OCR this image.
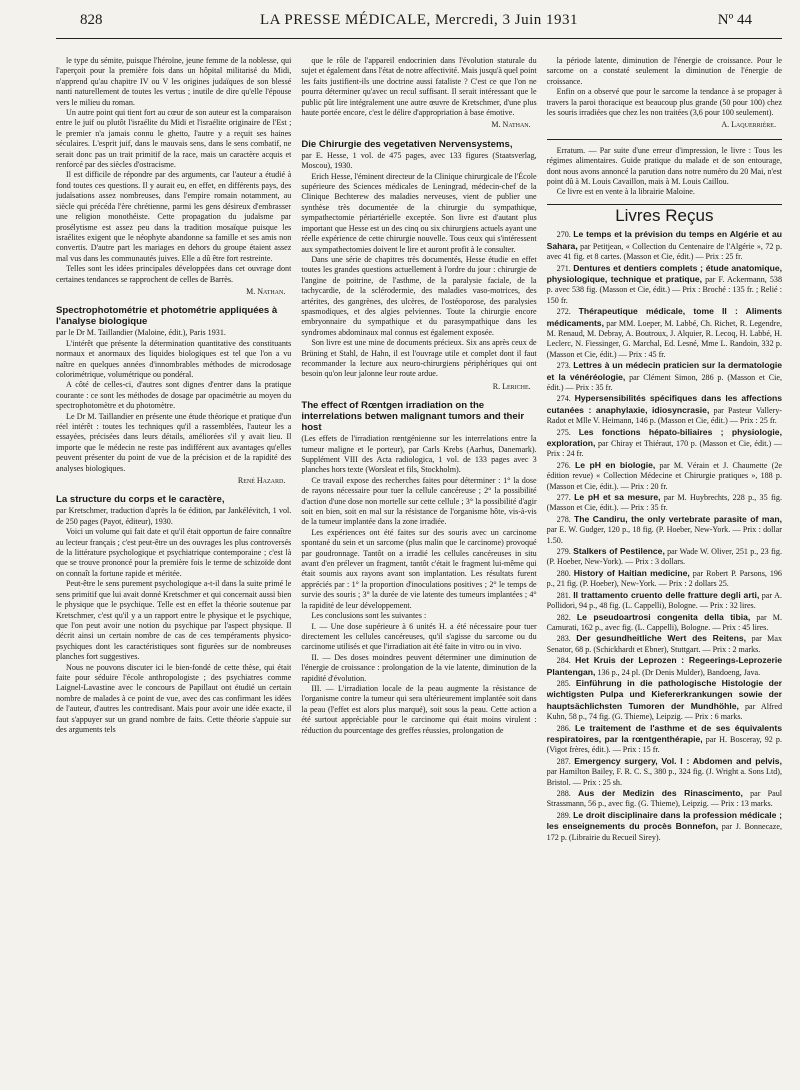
828	LA PRESSE MÉDICALE, Mercredi, 3 Juin 1931	Nº 44

le type du sémite, puisque l'héroïne, jeune femme de la noblesse, qui l'aperçoit pour la première fois dans un hôpital militarisé du Midi, n'apprend qu'au chapitre IV ou V les origines judaïques de son blessé nanti naturellement de toutes les vertus ; inutile de dire qu'elle l'épouse vers le milieu du roman.

Un autre point qui tient fort au cœur de son auteur est la comparaison entre le juif ou plutôt l'israélite du Midi et l'israélite originaire de l'Est ; le premier n'a jamais connu le ghetto, l'autre y a reçuit ses haines séculaires. L'esprit juif, dans le mauvais sens, dans le sens combatif, ne serait donc pas un trait primitif de la race, mais un caractère acquis et renforcé par des siècles d'ostracisme.

Il est difficile de répondre par des arguments, car l'auteur a étudié à fond toutes ces questions. Il y aurait eu, en effet, en différents pays, des judaïsations assez nombreuses, dans l'empire romain notamment, au siècle qui précéda l'ère chrétienne, parmi les gens désireux d'embrasser une religion monothéiste. Cette propagation du judaïsme par prosélytisme est assez peu dans la tradition mosaïque puisque les israélites exigent que le néophyte abandonne sa famille et ses amis non convertis. D'autre part les mariages en dehors du groupe étaient assez mal vus dans les communautés juives. Elle a dû être fort restreinte.

Telles sont les idées principales développées dans cet ouvrage dont certaines tendances se rapprochent de celles de Barrès.

M. Nathan.
Spectrophotométrie et photométrie appliquées à l'analyse biologique

par le Dr M. Taillandier (Maloine, édit.), Paris 1931.

L'intérêt que présente la détermination quantitative des constituants normaux et anormaux des liquides biologiques est tel que l'on a vu naître en quelques années d'innombrables méthodes de microdosage colorimétrique, volumétrique ou pondéral.

A côté de celles-ci, d'autres sont dignes d'entrer dans la pratique courante : ce sont les méthodes de dosage par opacimétrie au moyen du spectrophotomètre et du photomètre.

Le Dr M. Taillandier en présente une étude théorique et pratique d'un réel intérêt : toutes les techniques qu'il a rassemblées, l'auteur les a essayées, précisées dans leurs détails, améliorées s'il y avait lieu. Il importe que le médecin ne reste pas indifférent aux avantages qu'elles peuvent présenter du point de vue de la précision et de la rapidité des analyses biologiques.

René Hazard.
La structure du corps et le caractère,

par Kretschmer, traduction d'après la 6e édition, par Jankélévitch, 1 vol. de 250 pages (Payot, éditeur), 1930.

Voici un volume qui fait date et qu'il était opportun de faire connaître au lecteur français ; c'est peut-être un des ouvrages les plus controversés de la littérature psychologique et psychiatrique contemporaine ; c'est là que se trouve prononcé pour la première fois le terme de schizoïde dont on connaît la fortune rapide et méritée.

Peut-être le sens purement psychologique a-t-il dans la suite primé le sens primitif que lui avait donné Kretschmer et qui concernait aussi bien le physique que le psychique. Telle est en effet la théorie soutenue par Kretschmer, c'est qu'il y a un rapport entre le physique et le psychique, que l'on peut avoir une notion du psychique par l'aspect physique. Il décrit ainsi un certain nombre de cas de ces tempéraments physico-psychiques dont les caractéristiques sont figurées sur de nombreuses planches fort suggestives.

Nous ne pouvons discuter ici le bien-fondé de cette thèse, qui était faite pour séduire l'école anthropologiste ; des psychiatres comme Laignel-Lavastine avec le concours de Papillaut ont étudié un certain nombre de malades à ce point de vue, avec des cas confirmant les idées de l'auteur, d'autres les contredisant. Mais pour avoir une idée exacte, il faut s'appuyer sur un grand nombre de faits. Cette théorie s'appuie sur des arguments tels

que le rôle de l'appareil endocrinien dans l'évolution staturale du sujet et également dans l'état de notre affectivité. Mais jusqu'à quel point les faits justifient-ils une doctrine aussi fataliste ? C'est ce que l'on ne pourra déterminer qu'avec un recul suffisant. Il serait intéressant que le public pût lire intégralement une autre œuvre de Kretschmer, d'une plus haute portée encore, c'est le délire d'appropriation à base émotive.

M. Nathan.
Die Chirurgie des vegetativen Nervensystems,

par E. Hesse, 1 vol. de 475 pages, avec 133 figures (Staatsverlag, Moscou), 1930.

Erich Hesse, l'éminent directeur de la Clinique chirurgicale de l'École supérieure des Sciences médicales de Leningrad, médecin-chef de la Clinique Bechterew des maladies nerveuses, vient de publier une synthèse très documentée de la chirurgie du sympathique, sympathectomie périartérielle exceptée. Son livre est d'autant plus important que Hesse est un des cinq ou six chirurgiens actuels ayant une réelle expérience de cette chirurgie nouvelle. Tous ceux qui s'intéressent aux sympathectomies doivent le lire et auront profit à le consulter.

Dans une série de chapitres très documentés, Hesse étudie en effet toutes les grandes questions actuellement à l'ordre du jour : chirurgie de l'angine de poitrine, de l'asthme, de la paralysie faciale, de la tachycardie, de la sclérodermie, des maladies vaso-motrices, des artérites, des gangrènes, des ulcères, de l'ostéoporose, des paralysies spasmodiques, et des algies pelviennes. Toute la chirurgie encore embryonnaire du sympathique et du parasympathique dans les syndromes abdominaux mal connus est également exposée.

Son livre est une mine de documents précieux. Six ans après ceux de Brüning et Stahl, de Hahn, il est l'ouvrage utile et complet dont il faut recommander la lecture aux neuro-chirurgiens périphériques qui ont besoin qu'on leur jalonne leur route ardue.

R. Leriche.
The effect of Rœntgen irradiation on the interrelations betwen malignant tumors and their host

(Les effets de l'irradiation rœntgénienne sur les interrelations entre la tumeur maligne et le porteur), par Carls Krebs (Aarhus, Danemark). Supplément VIII des Acta radiologica, 1 vol. de 133 pages avec 3 planches hors texte (Worsleat et fils, Stockholm).

Ce travail expose des recherches faites pour déterminer : 1° la dose de rayons nécessaire pour tuer la cellule cancéreuse ; 2° la possibilité d'action d'une dose non mortelle sur cette cellule ; 3° la possibilité d'agir soit en bien, soit en mal sur la résistance de l'organisme hôte, vis-à-vis de la tumeur implantée dans la zone irradiée.

Les expériences ont été faites sur des souris avec un carcinome spontané du sein et un sarcome (plus malin que le carcinome) provoqué par goudronnage. Tantôt on a irradié les cellules cancéreuses in situ avant d'en prélever un fragment, tantôt c'était le fragment lui-même qui était soumis aux rayons avant son implantation. Les résultats furent appréciés par : 1° la proportion d'inoculations positives ; 2° le temps de survie des souris ; 3° la durée de vie latente des tumeurs implantées ; 4° la rapidité de leur développement.

Les conclusions sont les suivantes :

I. — Une dose supérieure à 6 unités H. a été nécessaire pour tuer directement les cellules cancéreuses, qu'il s'agisse du sarcome ou du carcinome utilisés et que l'irradiation ait été faite in vitro ou in vivo.

II. — Des doses moindres peuvent déterminer une diminution de l'énergie de croissance : prolongation de la vie latente, diminution de la rapidité d'évolution.

III. — L'irradiation locale de la peau augmente la résistance de l'organisme contre la tumeur qui sera ultérieurement implantée soit dans la peau (l'effet est alors plus marqué), soit sous la peau. Cette action a été surtout appréciable pour le carcinome qui était moins virulent : réduction du pourcentage des greffes réussies, prolongation de

la période latente, diminution de l'énergie de croissance. Pour le sarcome on a constaté seulement la diminution de l'énergie de croissance.

Enfin on a observé que pour le sarcome la tendance à se propager à travers la paroi thoracique est beaucoup plus grande (50 pour 100) chez les souris irradiées que chez les non traitées (3,6 pour 100 seulement).

A. Laquerrière.

Erratum. — Par suite d'une erreur d'impression, le livre : Tous les régimes alimentaires. Guide pratique du malade et de son entourage, dont nous avons annoncé la parution dans notre numéro du 20 Mai, n'est point dû à M. Louis Cavaillon, mais à M. Louis Caillou.

Ce livre est en vente à la librairie Maloine.

Livres Reçus

270. Le temps et la prévision du temps en Algérie et au Sahara, par Petitjean, « Collection du Centenaire de l'Algérie », 72 p. avec 41 fig. et 8 cartes. (Masson et Cie, édit.) — Prix : 25 fr.

271. Dentures et dentiers complets ; étude anatomique, physiologique, technique et pratique, par F. Ackermann, 538 p. avec 538 fig. (Masson et Cie, édit.) — Prix : Broché : 135 fr. ; Relié : 150 fr.

272. Thérapeutique médicale, tome II : Aliments médicaments, par MM. Loeper, M. Labbé, Ch. Richet, R. Legendre, M. Renaud, M. Debray, A. Boutroux, J. Alquier, R. Lecoq, H. Labbé, H. Leclerc, N. Fiessinger, G. Marchal, Ed. Lesné, Mme L. Randoin, 332 p. (Masson et Cie, édit.) — Prix : 45 fr.

273. Lettres à un médecin praticien sur la dermatologie et la vénéréologie, par Clément Simon, 286 p. (Masson et Cie, édit.) — Prix : 35 fr.

274. Hypersensibilités spécifiques dans les affections cutanées : anaphylaxie, idiosyncrasie, par Pasteur Vallery-Radot et Mlle V. Heimann, 146 p. (Masson et Cie, édit.) — Prix : 25 fr.

275. Les fonctions hépato-biliaires ; physiologie, exploration, par Chiray et Thiéraut, 170 p. (Masson et Cie, édit.) — Prix : 24 fr.

276. Le pH en biologie, par M. Vérain et J. Chaumette (2e édition revue) « Collection Médecine et Chirurgie pratiques », 188 p. (Masson et Cie, édit.). — Prix : 20 fr.

277. Le pH et sa mesure, par M. Huybrechts, 228 p., 35 fig. (Masson et Cie, édit.). — Prix : 35 fr.

278. The Candiru, the only vertebrate parasite of man, par E. W. Gudger, 120 p., 18 fig. (P. Hoeber, New-York. — Prix : dollar 1.50.

279. Stalkers of Pestilence, par Wade W. Oliver, 251 p., 23 fig. (P. Hoeber, New-York). — Prix : 3 dollars.

280. History of Haitian medicine, par Robert P. Parsons, 196 p., 21 fig. (P. Hoeber), New-York. — Prix : 2 dollars 25.

281. Il trattamento cruento delle fratture degli arti, par A. Pollidori, 94 p., 48 fig. (L. Cappelli), Bologne. — Prix : 32 lires.

282. Le pseudoartrosi congenita della tibia, par M. Camurati, 162 p., avec fig. (L. Cappelli), Bologne. — Prix : 45 lires.

283. Der gesundheitliche Wert des Reitens, par Max Senator, 68 p. (Schickhardt et Ebner), Stuttgart. — Prix : 2 marks.

284. Het Kruis der Leprozen : Regeerings-Leprozerie Plantengan, 136 p., 24 pl. (Dr Denis Mulder), Bandoeng, Java.

285. Einführung in die pathologische Histologie der wichtigsten Pulpa und Kiefererkrankungen sowie der hauptsächlichsten Tumoren der Mundhöhle, par Alfred Kuhn, 58 p., 74 fig. (G. Thieme), Leipzig. — Prix : 6 marks.

286. Le traitement de l'asthme et de ses équivalents respiratoires, par la rœntgenthérapie, par H. Bosceray, 92 p. (Vigot frères, édit.). — Prix : 15 fr.

287. Emergency surgery, Vol. I : Abdomen and pelvis, par Hamilton Bailey, F. R. C. S., 380 p., 324 fig. (J. Wright a. Sons Ltd), Bristol. — Prix : 25 sh.

288. Aus der Medizin des Rinascimento, par Paul Strassmann, 56 p., avec fig. (G. Thieme), Leipzig. — Prix : 13 marks.

289. Le droit disciplinaire dans la profession médicale ; les enseignements du procès Bonnefon, par J. Bonnecaze, 172 p. (Librairie du Recueil Sirey).
